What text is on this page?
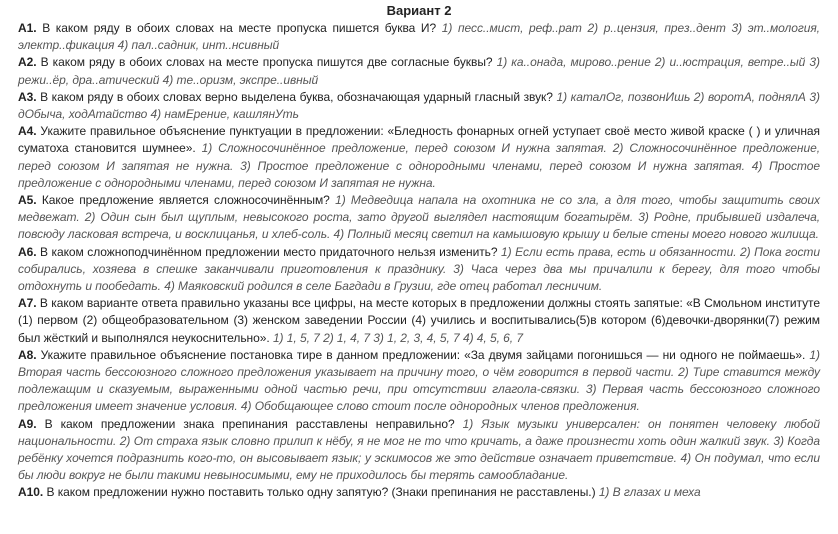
Вариант 2

А1. В каком ряду в обоих словах на месте пропуска пишется буква И? 1) песс..мист, реф..рат 2) р..цензия, през..дент 3) эт..мология, электр..фикация 4) пал..садник, инт..нсивный

А2. В каком ряду в обоих словах на месте пропуска пишутся две согласные буквы? 1) ка..онада, мирово..рение 2) и..юстрация, ветре..ый 3) режи..ёр, дра..атический 4) те..оризм, экспре..ивный

А3. В каком ряду в обоих словах верно выделена буква, обозначающая ударный гласный звук? 1) каталОг, позвонИшь 2) воротА, поднялА 3) дОбыча, ходАтайство 4) намЕрение, кашлянУть

А4. Укажите правильное объяснение пунктуации в предложении: «Бледность фонарных огней уступает своё место живой краске ( ) и уличная суматоха становится шумнее». 1) Сложносочинённое предложение, перед союзом И нужна запятая. 2) Сложносочинённое предложение, перед союзом И запятая не нужна. 3) Простое предложение с однородными членами, перед союзом И нужна запятая. 4) Простое предложение с однородными членами, перед союзом И запятая не нужна.

А5. Какое предложение является сложносочинённым? 1) Медведица напала на охотника не со зла, а для того, чтобы защитить своих медвежат. 2) Один сын был щуплым, невысокого роста, зато другой выглядел настоящим богатырём. 3) Родне, прибывшей издалеча, повсюду ласковая встреча, и восклицанья, и хлеб-соль. 4) Полный месяц светил на камышовую крышу и белые стены моего нового жилища.

А6. В каком сложноподчинённом предложении место придаточного нельзя изменить? 1) Если есть права, есть и обязанности. 2) Пока гости собирались, хозяева в спешке заканчивали приготовления к празднику. 3) Часа через два мы причалили к берегу, для того чтобы отдохнуть и пообедать. 4) Маяковский родился в селе Багдади в Грузии, где отец работал лесничим.

А7. В каком варианте ответа правильно указаны все цифры, на месте которых в предложении должны стоять запятые: «В Смольном институте (1) первом (2) общеобразовательном (3) женском заведении России (4) учились и воспитывались(5)в котором (6)девочки-дворянки(7) режим был жёсткий и выполнялся неукоснительно». 1) 1, 5, 7 2) 1, 4, 7 3) 1, 2, 3, 4, 5, 7 4) 4, 5, 6, 7

А8. Укажите правильное объяснение постановка тире в данном предложении: «За двумя зайцами погонишься — ни одного не поймаешь». 1) Вторая часть бессоюзного сложного предложения указывает на причину того, о чём говорится в первой части. 2) Тире ставится между подлежащим и сказуемым, выраженными одной частью речи, при отсутствии глагола-связки. 3) Первая часть бессоюзного сложного предложения имеет значение условия. 4) Обобщающее слово стоит после однородных членов предложения.

А9. В каком предложении знака препинания расставлены неправильно? 1) Язык музыки универсален: он понятен человеку любой национальности. 2) От страха язык словно прилип к нёбу, я не мог не то что кричать, а даже произнести хоть один жалкий звук. 3) Когда ребёнку хочется подразнить кого-то, он высовывает язык; у эскимосов же это действие означает приветствие. 4) Он подумал, что если бы люди вокруг не были такими невыносимыми, ему не приходилось бы терять самообладание.

А10. В каком предложении нужно поставить только одну запятую? (Знаки препинания не расставлены.) 1) В глазах и меха
